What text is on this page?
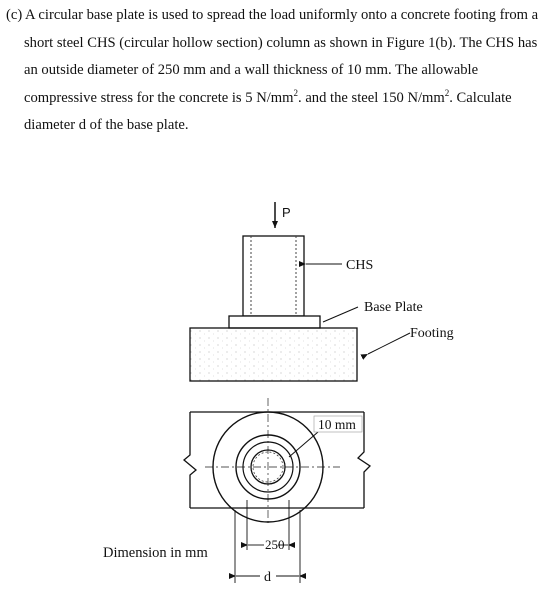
(c) A circular base plate is used to spread the load uniformly onto a concrete footing from a
short steel CHS (circular hollow section) column as shown in Figure 1(b). The CHS has
an outside diameter of 250 mm and a wall thickness of 10 mm. The allowable
compressive stress for the concrete is 5 $N/mm^2$. and the steel 150 $N/mm^2$. Calculate
diameter d of the base plate.
P
CHS
Base Plate
Footing
10 mm
250
d
Dimension in mm
